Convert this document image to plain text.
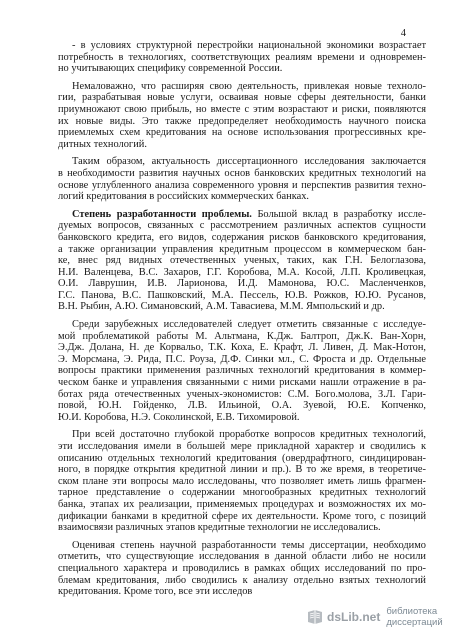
4
- в условиях структурной перестройки национальной экономики возрастает
потребность в технологиях, соответствующих реалиям времени и одновремен-
но учитывающих специфику современной России.
Немаловажно, что расширяя свою деятельность, привлекая новые техноло-
гии, разрабатывая новые услуги, осваивая новые сферы деятельности, банки
приумножают свою прибыль, но вместе с этим возрастают и риски, появляются
их новые виды. Это также предопределяет необходимость научного поиска
приемлемых схем кредитования на основе использования прогрессивных кре-
дитных технологий.
Таким образом, актуальность диссертационного исследования заключается
в необходимости развития научных основ банковских кредитных технологий на
основе углубленного анализа современного уровня и перспектив развития техно-
логий кредитования в российских коммерческих банках.
Степень разработанности проблемы. Большой вклад в разработку иссле-
дуемых вопросов, связанных с рассмотрением различных аспектов сущности
банковского кредита, его видов, содержания рисков банковского кредитования,
а также организации управления кредитным процессом в коммерческом бан-
ке, внес ряд видных отечественных ученых, таких, как Г.Н. Белоглазова,
Н.И. Валенцева, В.С. Захаров, Г.Г. Коробова, М.А. Косой, Л.П. Кроливецкая,
О.И. Лаврушин, И.В. Ларионова, И.Д. Мамонова, Ю.С. Масленченков,
Г.С. Панова, В.С. Пашковский, М.А. Пессель, Ю.В. Рожков, Ю.Ю. Русанов,
В.Н. Рыбин, А.Ю. Симановский, А.М. Тавасиева, М.М. Ямпольский и др.
Среди зарубежных исследователей следует отметить связанные с исследуе-
мой проблематикой работы М. Альтмана, К.Дж. Балтроп, Дж.К. Ван-Хорн,
Э.Дж. Долана, Н. де Корвальо, Т.К. Коха, Е. Крафт, Л. Ливен, Д. Мак-Нотон,
Э. Морсмана, Э. Рида, П.С. Роуза, Д.Ф. Синки мл., С. Фроста и др. Отдельные
вопросы практики применения различных технологий кредитования в коммер-
ческом банке и управления связанными с ними рисками нашли отражение в ра-
ботах ряда отечественных ученых-экономистов: С.М. Бого.молова, З.Л. Гари-
повой, Ю.Н. Гойденко, Л.В. Ильиной, О.А. Зуевой, Ю.Е. Копченко,
Ю.И. Коробова, Н.Э. Соколинской, Е.В. Тихомировой.
При всей достаточно глубокой проработке вопросов кредитных технологий,
эти исследования имели в большей мере прикладной характер и сводились к
описанию отдельных технологий кредитования (овердрафтного, синдицирован-
ного, в порядке открытия кредитной линии и пр.). В то же время, в теоретиче-
ском плане эти вопросы мало исследованы, что позволяет иметь лишь фрагмен-
тарное представление о содержании многообразных кредитных технологий
банка, этапах их реализации, применяемых процедурах и возможностях их мо-
дификации банками в кредитной сфере их деятельности. Кроме того, с позиций
взаимосвязи различных этапов кредитные технологии не исследовались.
Оценивая степень научной разработанности темы диссертации, необходимо
отметить, что существующие исследования в данной области либо не носили
специального характера и проводились в рамках общих исследований по про-
блемам кредитования, либо сводились к анализу отдельно взятых технологий
кредитования. Кроме того, все эти исследов
dsLib.net библиотека диссертаций
